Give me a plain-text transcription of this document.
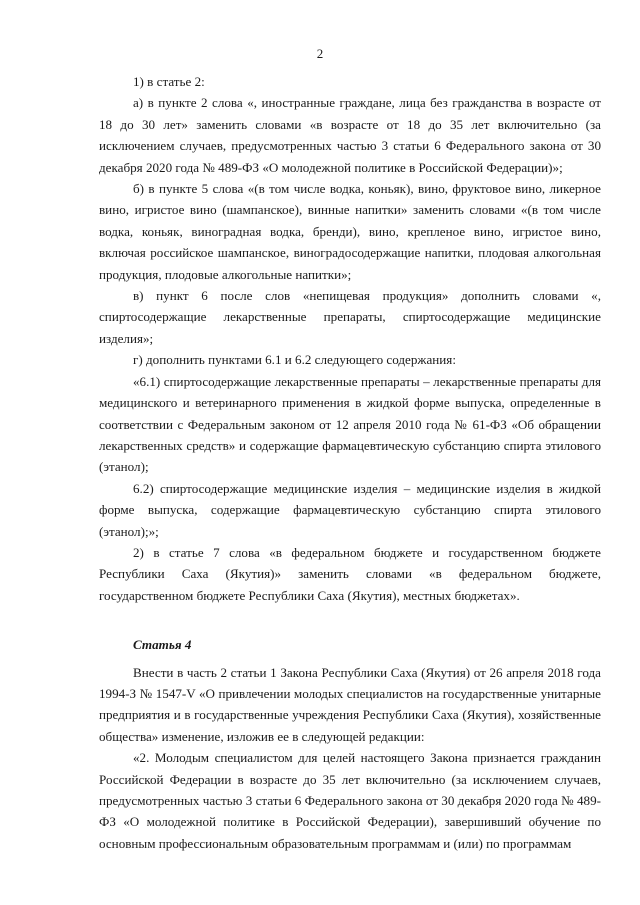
2

1) в статье 2:

а) в пункте 2 слова «, иностранные граждане, лица без гражданства в возрасте от 18 до 30 лет» заменить словами «в возрасте от 18 до 35 лет включительно (за исключением случаев, предусмотренных частью 3 статьи 6 Федерального закона от 30 декабря 2020 года № 489-ФЗ «О молодежной политике в Российской Федерации)»;

б) в пункте 5 слова «(в том числе водка, коньяк), вино, фруктовое вино, ликерное вино, игристое вино (шампанское), винные напитки» заменить словами «(в том числе водка, коньяк, виноградная водка, бренди), вино, крепленое вино, игристое вино, включая российское шампанское, виноградосодержащие напитки, плодовая алкогольная продукция, плодовые алкогольные напитки»;

в) пункт 6 после слов «непищевая продукция» дополнить словами «, спиртосодержащие лекарственные препараты, спиртосодержащие медицинские изделия»;

г) дополнить пунктами 6.1 и 6.2 следующего содержания:

«6.1) спиртосодержащие лекарственные препараты – лекарственные препараты для медицинского и ветеринарного применения в жидкой форме выпуска, определенные в соответствии с Федеральным законом от 12 апреля 2010 года № 61-ФЗ «Об обращении лекарственных средств» и содержащие фармацевтическую субстанцию спирта этилового (этанол);

6.2) спиртосодержащие медицинские изделия – медицинские изделия в жидкой форме выпуска, содержащие фармацевтическую субстанцию спирта этилового (этанол);»;

2) в статье 7 слова «в федеральном бюджете и государственном бюджете Республики Саха (Якутия)» заменить словами «в федеральном бюджете, государственном бюджете Республики Саха (Якутия), местных бюджетах».

Статья 4

Внести в часть 2 статьи 1 Закона Республики Саха (Якутия) от 26 апреля 2018 года 1994-З № 1547-V «О привлечении молодых специалистов на государственные унитарные предприятия и в государственные учреждения Республики Саха (Якутия), хозяйственные общества» изменение, изложив ее в следующей редакции:

«2. Молодым специалистом для целей настоящего Закона признается гражданин Российской Федерации в возрасте до 35 лет включительно (за исключением случаев, предусмотренных частью 3 статьи 6 Федерального закона от 30 декабря 2020 года № 489-ФЗ «О молодежной политике в Российской Федерации), завершивший обучение по основным профессиональным образовательным программам и (или) по программам
